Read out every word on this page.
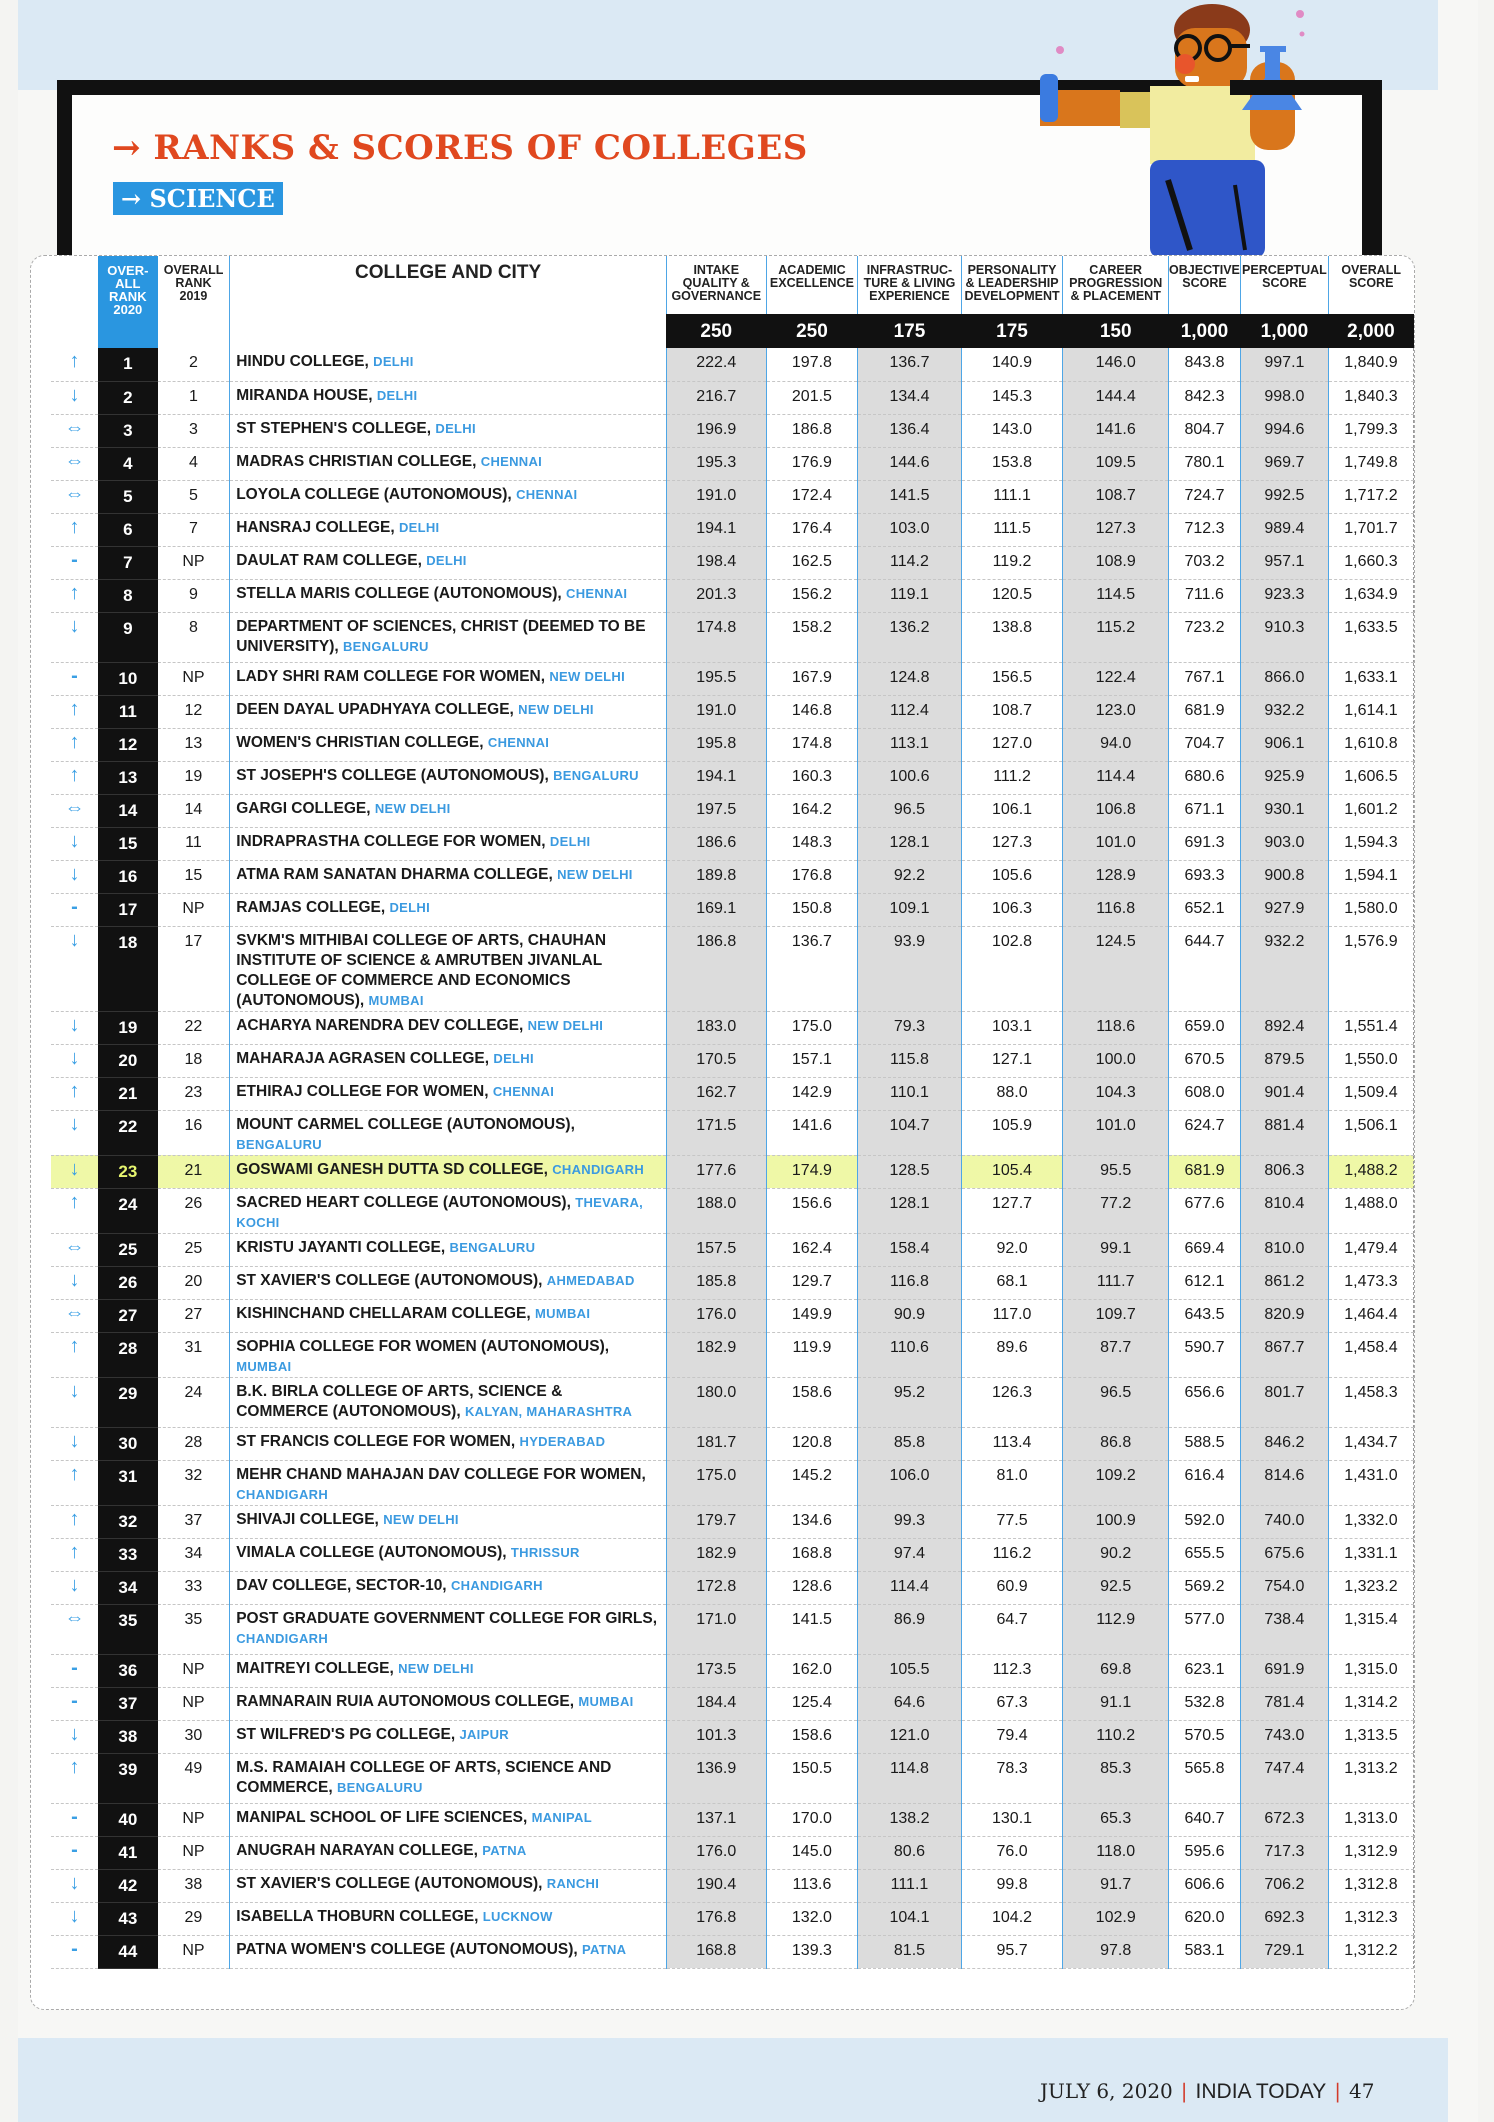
→ RANKS & SCORES OF COLLEGES
→ SCIENCE
	OVER-ALL RANK 2020	OVERALL RANK 2019	COLLEGE AND CITY	INTAKE QUALITY & GOVERNANCE	ACADEMIC EXCELLENCE	INFRASTRUC-TURE & LIVING EXPERIENCE	PERSONALITY & LEADERSHIP DEVELOPMENT	CAREER PROGRESSION & PLACEMENT	OBJECTIVE SCORE	PERCEPTUAL SCORE	OVERALL SCORE
				250	250	175	175	150	1,000	1,000	2,000
↑	1	2	HINDU COLLEGE, DELHI	222.4	197.8	136.7	140.9	146.0	843.8	997.1	1,840.9
↓	2	1	MIRANDA HOUSE, DELHI	216.7	201.5	134.4	145.3	144.4	842.3	998.0	1,840.3
⇔	3	3	ST STEPHEN'S COLLEGE, DELHI	196.9	186.8	136.4	143.0	141.6	804.7	994.6	1,799.3
⇔	4	4	MADRAS CHRISTIAN COLLEGE, CHENNAI	195.3	176.9	144.6	153.8	109.5	780.1	969.7	1,749.8
⇔	5	5	LOYOLA COLLEGE (AUTONOMOUS), CHENNAI	191.0	172.4	141.5	111.1	108.7	724.7	992.5	1,717.2
↑	6	7	HANSRAJ COLLEGE, DELHI	194.1	176.4	103.0	111.5	127.3	712.3	989.4	1,701.7
-	7	NP	DAULAT RAM COLLEGE, DELHI	198.4	162.5	114.2	119.2	108.9	703.2	957.1	1,660.3
↑	8	9	STELLA MARIS COLLEGE (AUTONOMOUS), CHENNAI	201.3	156.2	119.1	120.5	114.5	711.6	923.3	1,634.9
↓	9	8	DEPARTMENT OF SCIENCES, CHRIST (DEEMED TO BE UNIVERSITY), BENGALURU	174.8	158.2	136.2	138.8	115.2	723.2	910.3	1,633.5
-	10	NP	LADY SHRI RAM COLLEGE FOR WOMEN, NEW DELHI	195.5	167.9	124.8	156.5	122.4	767.1	866.0	1,633.1
↑	11	12	DEEN DAYAL UPADHYAYA COLLEGE, NEW DELHI	191.0	146.8	112.4	108.7	123.0	681.9	932.2	1,614.1
↑	12	13	WOMEN'S CHRISTIAN COLLEGE, CHENNAI	195.8	174.8	113.1	127.0	94.0	704.7	906.1	1,610.8
↑	13	19	ST JOSEPH'S COLLEGE (AUTONOMOUS), BENGALURU	194.1	160.3	100.6	111.2	114.4	680.6	925.9	1,606.5
⇔	14	14	GARGI COLLEGE, NEW DELHI	197.5	164.2	96.5	106.1	106.8	671.1	930.1	1,601.2
↓	15	11	INDRAPRASTHA COLLEGE FOR WOMEN, DELHI	186.6	148.3	128.1	127.3	101.0	691.3	903.0	1,594.3
↓	16	15	ATMA RAM SANATAN DHARMA COLLEGE, NEW DELHI	189.8	176.8	92.2	105.6	128.9	693.3	900.8	1,594.1
-	17	NP	RAMJAS COLLEGE, DELHI	169.1	150.8	109.1	106.3	116.8	652.1	927.9	1,580.0
↓	18	17	SVKM'S MITHIBAI COLLEGE OF ARTS, CHAUHAN INSTITUTE OF SCIENCE & AMRUTBEN JIVANLAL COLLEGE OF COMMERCE AND ECONOMICS (AUTONOMOUS), MUMBAI	186.8	136.7	93.9	102.8	124.5	644.7	932.2	1,576.9
↓	19	22	ACHARYA NARENDRA DEV COLLEGE, NEW DELHI	183.0	175.0	79.3	103.1	118.6	659.0	892.4	1,551.4
↓	20	18	MAHARAJA AGRASEN COLLEGE, DELHI	170.5	157.1	115.8	127.1	100.0	670.5	879.5	1,550.0
↑	21	23	ETHIRAJ COLLEGE FOR WOMEN, CHENNAI	162.7	142.9	110.1	88.0	104.3	608.0	901.4	1,509.4
↓	22	16	MOUNT CARMEL COLLEGE (AUTONOMOUS), BENGALURU	171.5	141.6	104.7	105.9	101.0	624.7	881.4	1,506.1
↓	23	21	GOSWAMI GANESH DUTTA SD COLLEGE, CHANDIGARH	177.6	174.9	128.5	105.4	95.5	681.9	806.3	1,488.2
↑	24	26	SACRED HEART COLLEGE (AUTONOMOUS), THEVARA, KOCHI	188.0	156.6	128.1	127.7	77.2	677.6	810.4	1,488.0
⇔	25	25	KRISTU JAYANTI COLLEGE, BENGALURU	157.5	162.4	158.4	92.0	99.1	669.4	810.0	1,479.4
↓	26	20	ST XAVIER'S COLLEGE (AUTONOMOUS), AHMEDABAD	185.8	129.7	116.8	68.1	111.7	612.1	861.2	1,473.3
⇔	27	27	KISHINCHAND CHELLARAM COLLEGE, MUMBAI	176.0	149.9	90.9	117.0	109.7	643.5	820.9	1,464.4
↑	28	31	SOPHIA COLLEGE FOR WOMEN (AUTONOMOUS), MUMBAI	182.9	119.9	110.6	89.6	87.7	590.7	867.7	1,458.4
↓	29	24	B.K. BIRLA COLLEGE OF ARTS, SCIENCE & COMMERCE (AUTONOMOUS), KALYAN, MAHARASHTRA	180.0	158.6	95.2	126.3	96.5	656.6	801.7	1,458.3
↓	30	28	ST FRANCIS COLLEGE FOR WOMEN, HYDERABAD	181.7	120.8	85.8	113.4	86.8	588.5	846.2	1,434.7
↑	31	32	MEHR CHAND MAHAJAN DAV COLLEGE FOR WOMEN, CHANDIGARH	175.0	145.2	106.0	81.0	109.2	616.4	814.6	1,431.0
↑	32	37	SHIVAJI COLLEGE, NEW DELHI	179.7	134.6	99.3	77.5	100.9	592.0	740.0	1,332.0
↑	33	34	VIMALA COLLEGE (AUTONOMOUS), THRISSUR	182.9	168.8	97.4	116.2	90.2	655.5	675.6	1,331.1
↓	34	33	DAV COLLEGE, SECTOR-10, CHANDIGARH	172.8	128.6	114.4	60.9	92.5	569.2	754.0	1,323.2
⇔	35	35	POST GRADUATE GOVERNMENT COLLEGE FOR GIRLS, CHANDIGARH	171.0	141.5	86.9	64.7	112.9	577.0	738.4	1,315.4
-	36	NP	MAITREYI COLLEGE, NEW DELHI	173.5	162.0	105.5	112.3	69.8	623.1	691.9	1,315.0
-	37	NP	RAMNARAIN RUIA AUTONOMOUS COLLEGE, MUMBAI	184.4	125.4	64.6	67.3	91.1	532.8	781.4	1,314.2
↓	38	30	ST WILFRED'S PG COLLEGE, JAIPUR	101.3	158.6	121.0	79.4	110.2	570.5	743.0	1,313.5
↑	39	49	M.S. RAMAIAH COLLEGE OF ARTS, SCIENCE AND COMMERCE, BENGALURU	136.9	150.5	114.8	78.3	85.3	565.8	747.4	1,313.2
-	40	NP	MANIPAL SCHOOL OF LIFE SCIENCES, MANIPAL	137.1	170.0	138.2	130.1	65.3	640.7	672.3	1,313.0
-	41	NP	ANUGRAH NARAYAN COLLEGE, PATNA	176.0	145.0	80.6	76.0	118.0	595.6	717.3	1,312.9
↓	42	38	ST XAVIER'S COLLEGE (AUTONOMOUS), RANCHI	190.4	113.6	111.1	99.8	91.7	606.6	706.2	1,312.8
↓	43	29	ISABELLA THOBURN COLLEGE, LUCKNOW	176.8	132.0	104.1	104.2	102.9	620.0	692.3	1,312.3
-	44	NP	PATNA WOMEN'S COLLEGE (AUTONOMOUS), PATNA	168.8	139.3	81.5	95.7	97.8	583.1	729.1	1,312.2
JULY 6, 2020 | INDIA TODAY | 47
